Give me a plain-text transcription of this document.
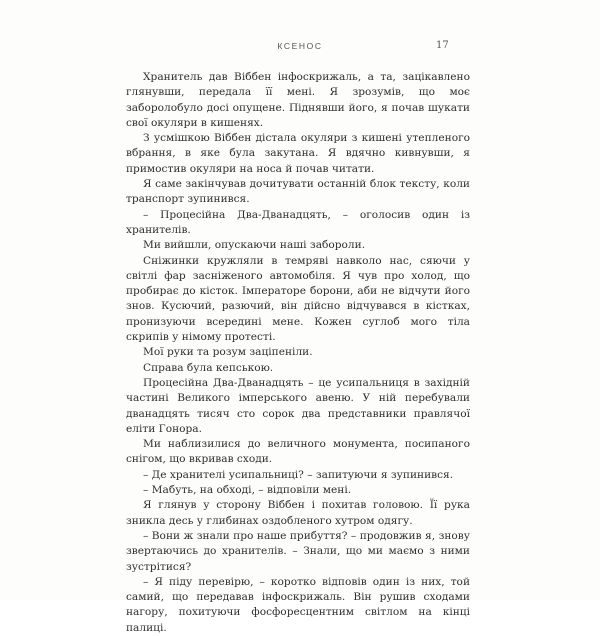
КСЕНОС	17

Хранитель дав Віббен інфоскрижаль, а та, зацікавлено глянувши, передала її мені. Я зрозумів, що моє заборолобуло досі опущене. Піднявши його, я почав шукати свої окуляри в кишенях.

З усмішкою Віббен дістала окуляри з кишені утепленого вбрання, в яке була закутана. Я вдячно кивнувши, я примостив окуляри на носа й почав читати.

Я саме закінчував дочитувати останній блок тексту, коли транспорт зупинився.

– Процесійна Два-Дванадцять, – оголосив один із хранителів.

Ми вийшли, опускаючи наші забороли.

Сніжинки кружляли в темряві навколо нас, сяючи у світлі фар засніженого автомобіля. Я чув про холод, що пробирає до кісток. Імператоре борони, аби не відчути його знов. Кусючий, разючий, він дійсно відчувався в кістках, пронизуючи всередині мене. Кожен суглоб мого тіла скрипів у німому протесті.

Мої руки та розум заціпеніли.

Справа була кепською.

Процесійна Два-Дванадцять – це усипальниця в західній частині Великого імперського авеню. У ній перебували дванадцять тисяч сто сорок два представники правлячої еліти Гонора.

Ми наблизилися до величного монумента, посипаного снігом, що вкривав сходи.

– Де хранителі усипальниці? – запитуючи я зупинився.

– Мабуть, на обході, – відповіли мені.

Я глянув у сторону Віббен і похитав головою. Її рука зникла десь у глибинах оздобленого хутром одягу.

– Вони ж знали про наше прибуття? – продовжив я, знову звертаючись до хранителів. – Знали, що ми маємо з ними зустрітися?

– Я піду перевірю, – коротко відповів один із них, той самий, що передавав інфоскрижаль. Він рушив сходами нагору, похитуючи фосфоресцентним світлом на кінці палиці.
